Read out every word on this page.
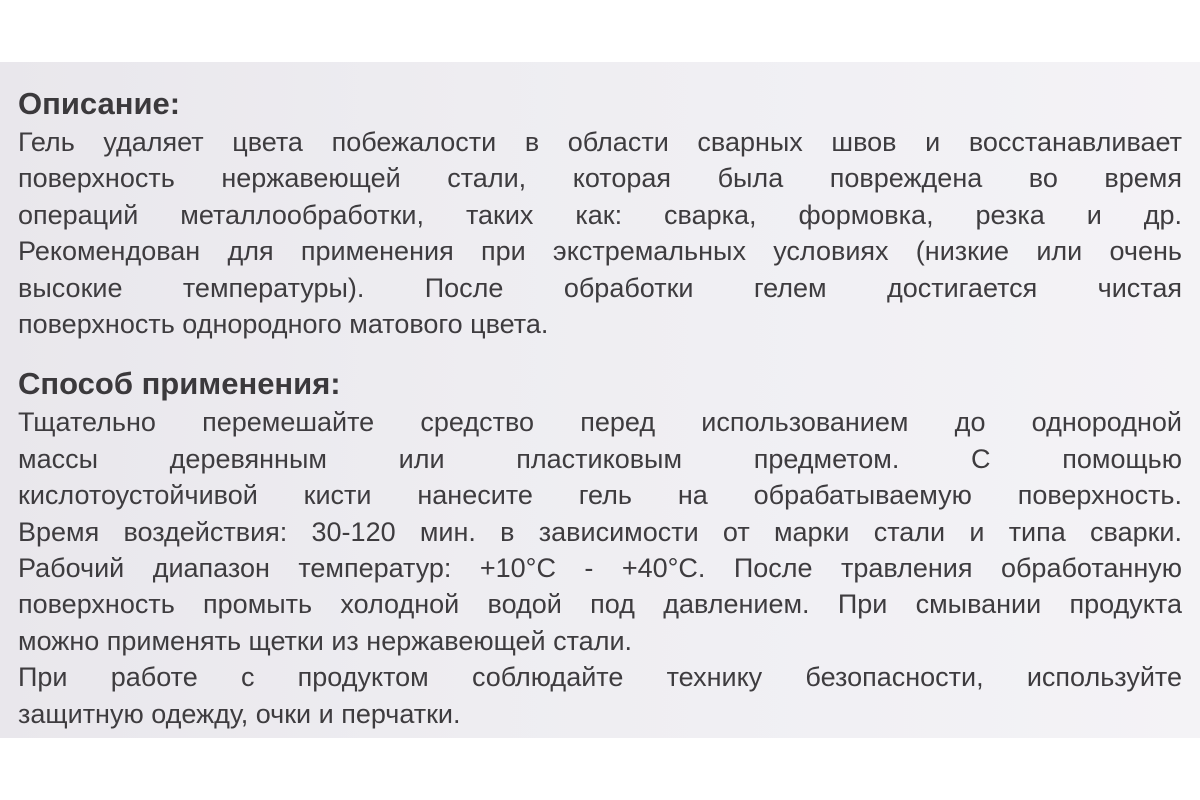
Описание:
Гель удаляет цвета побежалости в области сварных швов и восстанавливает
поверхность нержавеющей стали, которая была повреждена во время
операций металлообработки, таких как: сварка, формовка, резка и др.
Рекомендован для применения при экстремальных условиях (низкие или очень
высокие температуры). После обработки гелем достигается чистая
поверхность однородного матового цвета.
Способ применения:
Тщательно перемешайте средство перед использованием до однородной
массы деревянным или пластиковым предметом. С помощью
кислотоустойчивой кисти нанесите гель на обрабатываемую поверхность.
Время воздействия: 30-120 мин. в зависимости от марки стали и типа сварки.
Рабочий диапазон температур: +10°С - +40°С. После травления обработанную
поверхность промыть холодной водой под давлением. При смывании продукта
можно применять щетки из нержавеющей стали.
При работе с продуктом соблюдайте технику безопасности, используйте
защитную одежду, очки и перчатки.
